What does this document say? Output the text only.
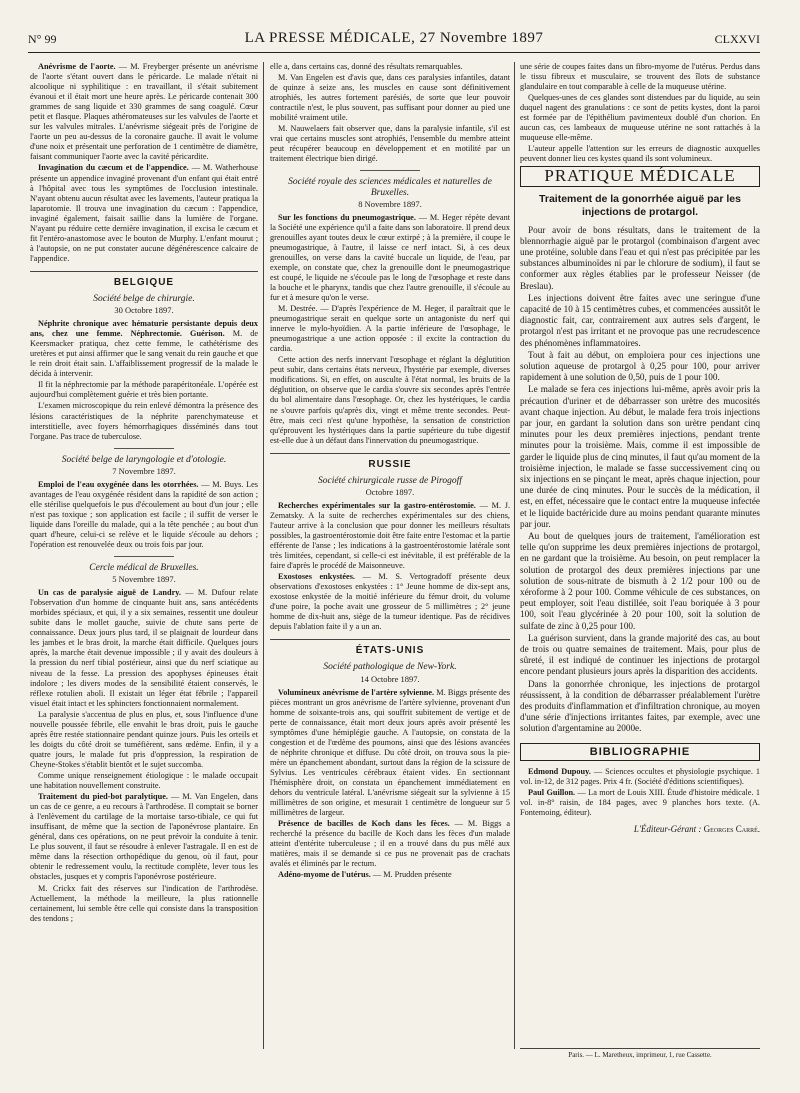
N° 99	LA PRESSE MÉDICALE, 27 Novembre 1897	CLXXVI

Anévrisme de l'aorte. — M. Freyberger présente un anévrisme de l'aorte s'étant ouvert dans le péricarde. Le malade n'était ni alcoolique ni syphilitique : en travaillant, il s'était subitement évanoui et il était mort une heure après. Le péricarde contenait 300 grammes de sang liquide et 330 grammes de sang coagulé. Cœur petit et flasque. Plaques athéromateuses sur les valvules de l'aorte et sur les valvules mitrales. L'anévrisme siégeait près de l'origine de l'aorte un peu au-dessus de la coronaire gauche. Il avait le volume d'une noix et présentait une perforation de 1 centimètre de diamètre, faisant communiquer l'aorte avec la cavité péricardite.

Invagination du cæcum et de l'appendice. — M. Watherhouse présente un appendice invaginé provenant d'un enfant qui était entré à l'hôpital avec tous les symptômes de l'occlusion intestinale. N'ayant obtenu aucun résultat avec les lavements, l'auteur pratiqua la laparotomie. Il trouva une invagination du cæcum : l'appendice, invaginé également, faisait saillie dans la lumière de l'organe. N'ayant pu réduire cette dernière invagination, il excisa le cæcum et fit l'entéro-anastomose avec le bouton de Murphy. L'enfant mourut ; à l'autopsie, on ne put constater aucune dégénérescence calcaire de l'appendice.

BELGIQUE
Société belge de chirurgie.
30 Octobre 1897.

Néphrite chronique avec hématurie persistante depuis deux ans, chez une femme. Néphrectomie. Guérison. M. de Keersmacker pratiqua, chez cette femme, le cathétérisme des uretères et put ainsi affirmer que le sang venait du rein gauche et que le rein droit était sain. L'affaiblissement progressif de la malade le décida à intervenir.

Il fit la néphrectomie par la méthode parapéritonéale. L'opérée est aujourd'hui complètement guérie et très bien portante.

L'examen microscopique du rein enlevé démontra la présence des lésions caractéristiques de la néphrite parenchymateuse et interstitielle, avec foyers hémorrhagiques disséminés dans tout l'organe. Pas trace de tuberculose.

Société belge de laryngologie et d'otologie.
7 Novembre 1897.

Emploi de l'eau oxygénée dans les otorrhées. — M. Buys. Les avantages de l'eau oxygénée résident dans la rapidité de son action ; elle stérilise quelquefois le pus d'écoulement au bout d'un jour ; elle n'est pas toxique ; son application est facile ; il suffit de verser le liquide dans l'oreille du malade, qui a la tête penchée ; au bout d'un quart d'heure, celui-ci se relève et le liquide s'écoule au dehors ; l'opération est renouvelée deux ou trois fois par jour.

Cercle médical de Bruxelles.
5 Novembre 1897.

Un cas de paralysie aiguë de Landry. — M. Dufour relate l'observation d'un homme de cinquante huit ans, sans antécédents morbides spéciaux, et qui, il y a six semaines, ressentit une douleur subite dans le mollet gauche, suivie de chute sans perte de connaissance. Deux jours plus tard, il se plaignait de lourdeur dans les jambes et le bras droit, la marche était difficile. Quelques jours après, la marche était devenue impossible ; il y avait des douleurs à la pression du nerf tibial postérieur, ainsi que du nerf sciatique au niveau de la fesse. La pression des apophyses épineuses était indolore ; les divers modes de la sensibilité étaient conservés, le réflexe rotulien aboli. Il existait un léger état fébrile ; l'appareil visuel était intact et les sphincters fonctionnaient normalement.

La paralysie s'accentua de plus en plus, et, sous l'influence d'une nouvelle poussée fébrile, elle envahit le bras droit, puis le gauche après être restée stationnaire pendant quinze jours. Puis les orteils et les doigts du côté droit se tuméfièrent, sans œdème. Enfin, il y a quatre jours, le malade fut pris d'oppression, la respiration de Cheyne-Stokes s'établit bientôt et le sujet succomba.

Comme unique renseignement étiologique : le malade occupait une habitation nouvellement construite.

Traitement du pied-bot paralytique. — M. Van Engelen, dans un cas de ce genre, a eu recours à l'arthrodèse. Il comptait se borner à l'enlèvement du cartilage de la mortaise tarso-tibiale, ce qui fut insuffisant, de même que la section de l'aponévrose plantaire. En général, dans ces opérations, on ne peut prévoir la conduite à tenir. Le plus souvent, il faut se résoudre à enlever l'astragale. Il en est de même dans la résection orthopédique du genou, où il faut, pour obtenir le redressement voulu, la rectitude complète, lever tous les obstacles, jusques et y compris l'aponévrose postérieure.

M. Crickx fait des réserves sur l'indication de l'arthrodèse. Actuellement, la méthode la meilleure, la plus rationnelle certainement, lui semble être celle qui consiste dans la transposition des tendons ;

elle a, dans certains cas, donné des résultats remarquables.

M. Van Engelen est d'avis que, dans ces paralysies infantiles, datant de quinze à seize ans, les muscles en cause sont définitivement atrophiés, les autres fortement parésiés, de sorte que leur pouvoir contractile n'est, le plus souvent, pas suffisant pour donner au pied une mobilité vraiment utile.

M. Nauwelaers fait observer que, dans la paralysie infantile, s'il est vrai que certains muscles sont atrophiés, l'ensemble du membre atteint peut récupérer beaucoup en développement et en motilité par un traitement électrique bien dirigé.

Société royale des sciences médicales et naturelles de Bruxelles.
8 Novembre 1897.

Sur les fonctions du pneumogastrique. — M. Heger répète devant la Société une expérience qu'il a faite dans son laboratoire. Il prend deux grenouilles ayant toutes deux le cœur extirpé ; à la première, il coupe le pneumogastrique, à l'autre, il laisse ce nerf intact. Si, à ces deux grenouilles, on verse dans la cavité buccale un liquide, de l'eau, par exemple, on constate que, chez la grenouille dont le pneumogastrique est coupé, le liquide ne s'écoule pas le long de l'œsophage et reste dans la bouche et le pharynx, tandis que chez l'autre grenouille, il s'écoule au fur et à mesure qu'on le verse.

M. Destrée. — D'après l'expérience de M. Heger, il paraîtrait que le pneumogastrique serait en quelque sorte un antagoniste du nerf qui innerve le mylo-hyoïdien. A la partie inférieure de l'œsophage, le pneumogastrique a une action opposée : il excite la contraction du cardia.

Cette action des nerfs innervant l'œsophage et réglant la déglutition peut subir, dans certains états nerveux, l'hystérie par exemple, diverses modifications. Si, en effet, on ausculte à l'état normal, les bruits de la déglutition, on observe que le cardia s'ouvre six secondes après l'entrée du bol alimentaire dans l'œsophage. Or, chez les hystériques, le cardia ne s'ouvre parfois qu'après dix, vingt et même trente secondes. Peut-être, mais ceci n'est qu'une hypothèse, la sensation de constriction qu'éprouvent les hystériques dans la partie supérieure du tube digestif est-elle due à un défaut dans l'innervation du pneumogastrique.

RUSSIE
Société chirurgicale russe de Pirogoff
Octobre 1897.

Recherches expérimentales sur la gastro-entérostomie. — M. J. Zematsky. A la suite de recherches expérimentales sur des chiens, l'auteur arrive à la conclusion que pour donner les meilleurs résultats possibles, la gastroentérostomie doit être faite entre l'estomac et la partie efférente de l'anse ; les indications à la gastroentérostomie latérale sont très limitées, cependant, si celle-ci est inévitable, il est préférable de la faire d'après le procédé de Maisonneuve.

Exostoses enkystées. — M. S. Vertogradoff présente deux observations d'exostoses enkystées : 1° Jeune homme de dix-sept ans, exostose enkystée de la moitié inférieure du fémur droit, du volume d'une poire, la poche avait une grosseur de 5 millimètres ; 2° jeune homme de dix-huit ans, siège de la tumeur identique. Pas de récidives depuis l'ablation faite il y a un an.

ÉTATS-UNIS
Société pathologique de New-York.
14 Octobre 1897.

Volumineux anévrisme de l'artère sylvienne. M. Biggs présente des pièces montrant un gros anévrisme de l'artère sylvienne, provenant d'un homme de soixante-trois ans, qui souffrit subitement de vertige et de perte de connaissance, était mort deux jours après avoir présenté les symptômes d'une hémiplégie gauche. A l'autopsie, on constata de la congestion et de l'œdème des poumons, ainsi que des lésions avancées de néphrite chronique et diffuse. Du côté droit, on trouva sous la pie-mère un épanchement abondant, surtout dans la région de la scissure de Sylvius. Les ventricules cérébraux étaient vides. En sectionnant l'hémisphère droit, on constata un épanchement immédiatement en dehors du ventricule latéral. L'anévrisme siégeait sur la sylvienne à 15 millimètres de son origine, et mesurait 1 centimètre de longueur sur 5 millimètres de largeur.

Présence de bacilles de Koch dans les fèces. — M. Biggs a recherché la présence du bacille de Koch dans les fèces d'un malade atteint d'entérite tuberculeuse ; il en a trouvé dans du pus mêlé aux matières, mais il se demande si ce pus ne provenait pas de crachats avalés et éliminés par le rectum.

Adéno-myome de l'utérus. — M. Prudden présente

une série de coupes faites dans un fibro-myome de l'utérus. Perdus dans le tissu fibreux et musculaire, se trouvent des îlots de substance glandulaire en tout comparable à celle de la muqueuse utérine.

Quelques-unes de ces glandes sont distendues par du liquide, au sein duquel nagent des granulations : ce sont de petits kystes, dont la paroi est formée par de l'épithélium pavimenteux doublé d'un chorion. En aucun cas, ces lambeaux de muqueuse utérine ne sont rattachés à la muqueuse elle-même.

L'auteur appelle l'attention sur les erreurs de diagnostic auxquelles peuvent donner lieu ces kystes quand ils sont volumineux.

PRATIQUE MÉDICALE
Traitement de la gonorrhée aiguë par les injections de protargol.

Pour avoir de bons résultats, dans le traitement de la blennorrhagie aiguë par le protargol (combinaison d'argent avec une protéine, soluble dans l'eau et qui n'est pas précipitée par les substances albuminoïdes ni par le chlorure de sodium), il faut se conformer aux règles établies par le professeur Neisser (de Breslau).

Les injections doivent être faites avec une seringue d'une capacité de 10 à 15 centimètres cubes, et commencées aussitôt le diagnostic fait, car, contrairement aux autres sels d'argent, le protargol n'est pas irritant et ne provoque pas une recrudescence des phénomènes inflammatoires.

Tout à fait au début, on emploiera pour ces injections une solution aqueuse de protargol à 0,25 pour 100, pour arriver rapidement à une solution de 0,50, puis de 1 pour 100.

Le malade se fera ces injections lui-même, après avoir pris la précaution d'uriner et de débarrasser son urètre des mucosités avant chaque injection. Au début, le malade fera trois injections par jour, en gardant la solution dans son urètre pendant cinq minutes pour les deux premières injections, pendant trente minutes pour la troisième. Mais, comme il est impossible de garder le liquide plus de cinq minutes, il faut qu'au moment de la troisième injection, le malade se fasse successivement cinq ou six injections en se pinçant le meat, après chaque injection, pour une durée de cinq minutes. Pour le succès de la médication, il est, en effet, nécessaire que le contact entre la muqueuse infectée et le liquide bactéricide dure au moins pendant quarante minutes par jour.

Au bout de quelques jours de traitement, l'amélioration est telle qu'on supprime les deux premières injections de protargol, en ne gardant que la troisième. Au besoin, on peut remplacer la solution de protargol des deux premières injections par une solution de sous-nitrate de bismuth à 2 1/2 pour 100 ou de xéroforme à 2 pour 100. Comme véhicule de ces substances, on peut employer, soit l'eau distillée, soit l'eau boriquée à 3 pour 100, soit l'eau glycérinée à 20 pour 100, soit la solution de sulfate de zinc à 0,25 pour 100.

La guérison survient, dans la grande majorité des cas, au bout de trois ou quatre semaines de traitement. Mais, pour plus de sûreté, il est indiqué de continuer les injections de protargol encore pendant plusieurs jours après la disparition des accidents.

Dans la gonorrhée chronique, les injections de protargol réussissent, à la condition de débarrasser préalablement l'urètre des produits d'inflammation et d'infiltration chronique, au moyen d'une série d'injections irritantes faites, par exemple, avec une solution d'argentamine au 2000e.

BIBLIOGRAPHIE

Edmond Dupouy. — Sciences occultes et physiologie psychique. 1 vol. in-12, de 312 pages. Prix 4 fr. (Société d'éditions scientifiques).

Paul Guillon. — La mort de Louis XIII. Étude d'histoire médicale. 1 vol. in-8° raisin, de 184 pages, avec 9 planches hors texte. (A. Fontemoing, éditeur).

L'Éditeur-Gérant : Georges Carré.
Paris. — L. Maretheux, imprimeur, 1, rue Cassette.
